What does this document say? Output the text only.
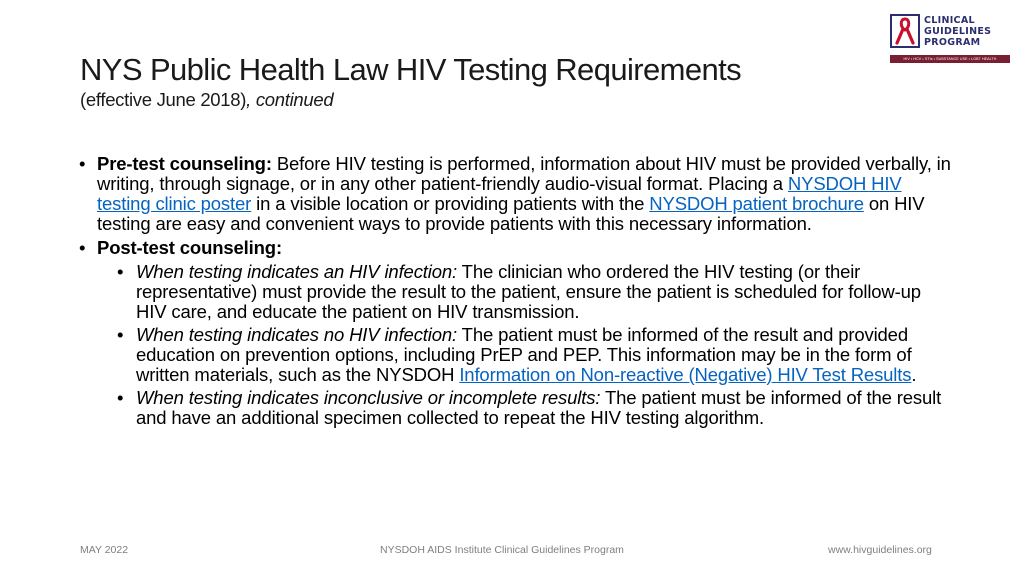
NYS Public Health Law HIV Testing Requirements
(effective June 2018), continued
CLINICAL
GUIDELINES
PROGRAM
HIV • HCV • STIs • SUBSTANCE USE • LGBT HEALTH
• Pre-test counseling: Before HIV testing is performed, information about HIV must be provided verbally, in writing, through signage, or in any other patient-friendly audio-visual format. Placing a NYSDOH HIV testing clinic poster in a visible location or providing patients with the NYSDOH patient brochure on HIV testing are easy and convenient ways to provide patients with this necessary information.
• Post-test counseling:
• When testing indicates an HIV infection: The clinician who ordered the HIV testing (or their representative) must provide the result to the patient, ensure the patient is scheduled for follow-up HIV care, and educate the patient on HIV transmission.
• When testing indicates no HIV infection: The patient must be informed of the result and provided education on prevention options, including PrEP and PEP. This information may be in the form of written materials, such as the NYSDOH Information on Non-reactive (Negative) HIV Test Results.
• When testing indicates inconclusive or incomplete results: The patient must be informed of the result and have an additional specimen collected to repeat the HIV testing algorithm.
MAY 2022	NYSDOH AIDS Institute Clinical Guidelines Program	www.hivguidelines.org
